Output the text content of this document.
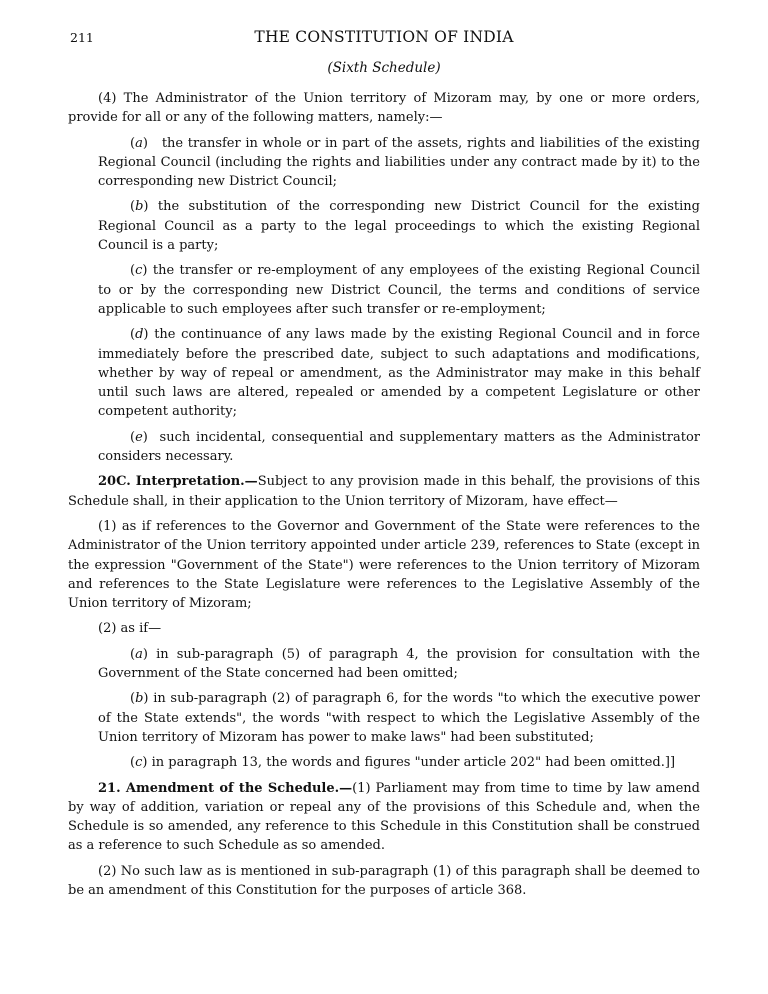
211	THE CONSTITUTION OF INDIA
(Sixth Schedule)

(4) The Administrator of the Union territory of Mizoram may, by one or more orders, provide for all or any of the following matters, namely:—

(a)   the transfer in whole or in part of the assets, rights and liabilities of the existing Regional Council (including the rights and liabilities under any contract made by it) to the corresponding new District Council;

(b) the substitution of the corresponding new District Council for the existing Regional Council as a party to the legal proceedings to which the existing Regional Council is a party;

(c) the transfer or re-employment of any employees of the existing Regional Council to or by the corresponding new District Council, the terms and conditions of service applicable to such employees after such transfer or re-employment;

(d) the continuance of any laws made by the existing Regional Council and in force immediately before the prescribed date, subject to such adaptations and modifications, whether by way of repeal or amendment, as the Administrator may make in this behalf until such laws are altered, repealed or amended by a competent Legislature or other competent authority;

(e)  such incidental, consequential and supplementary matters as the Administrator considers necessary.

20C. Interpretation.—Subject to any provision made in this behalf, the provisions of this Schedule shall, in their application to the Union territory of Mizoram, have effect—

(1) as if references to the Governor and Government of the State were references to the Administrator of the Union territory appointed under article 239, references to State (except in the expression "Government of the State") were references to the Union territory of Mizoram and references to the State Legislature were references to the Legislative Assembly of the Union territory of Mizoram;

(2) as if—

(a) in sub-paragraph (5) of paragraph 4, the provision for consultation with the Government of the State concerned had been omitted;

(b) in sub-paragraph (2) of paragraph 6, for the words "to which the executive power of the State extends", the words "with respect to which the Legislative Assembly of the Union territory of Mizoram has power to make laws" had been substituted;

(c) in paragraph 13, the words and figures "under article 202" had been omitted.]]

21. Amendment of the Schedule.—(1) Parliament may from time to time by law amend by way of addition, variation or repeal any of the provisions of this Schedule and, when the Schedule is so amended, any reference to this Schedule in this Constitution shall be construed as a reference to such Schedule as so amended.

(2) No such law as is mentioned in sub-paragraph (1) of this paragraph shall be deemed to be an amendment of this Constitution for the purposes of article 368.
